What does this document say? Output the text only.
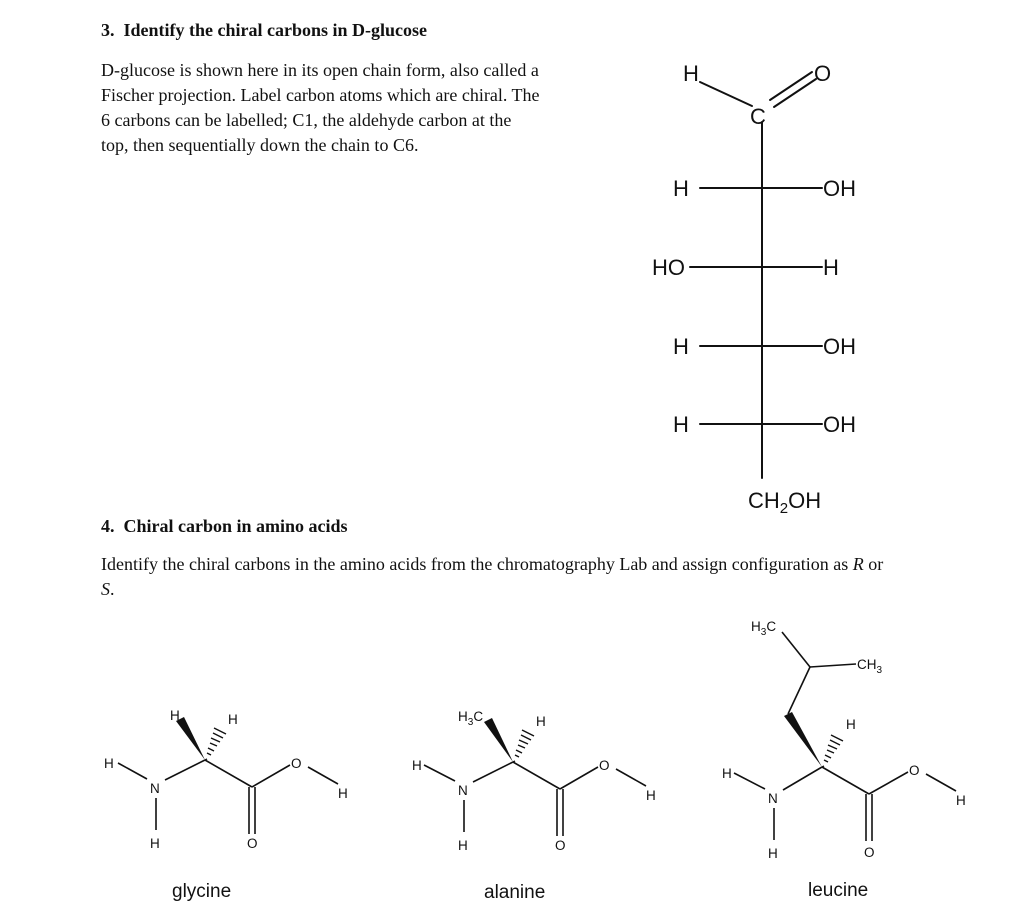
3.  Identify the chiral carbons in D-glucose

D-glucose is shown here in its open chain form, also called a Fischer projection. Label carbon atoms which are chiral. The 6 carbons can be labelled; C1, the aldehyde carbon at the top, then sequentially down the chain to C6.

4.  Chiral carbon in amino acids

Identify the chiral carbons in the amino acids from the chromatography Lab and assign configuration as R or S.

H
C
O
H	OH
HO	H
H	OH
H	OH
$CH_2OH$
H
N
H
H	H
O
H
O
glycine
H
N
H
$H_3C$	H
O
H
O
alanine
$H_3C$
$CH_3$
H
H
N
H
O
H
O
leucine
